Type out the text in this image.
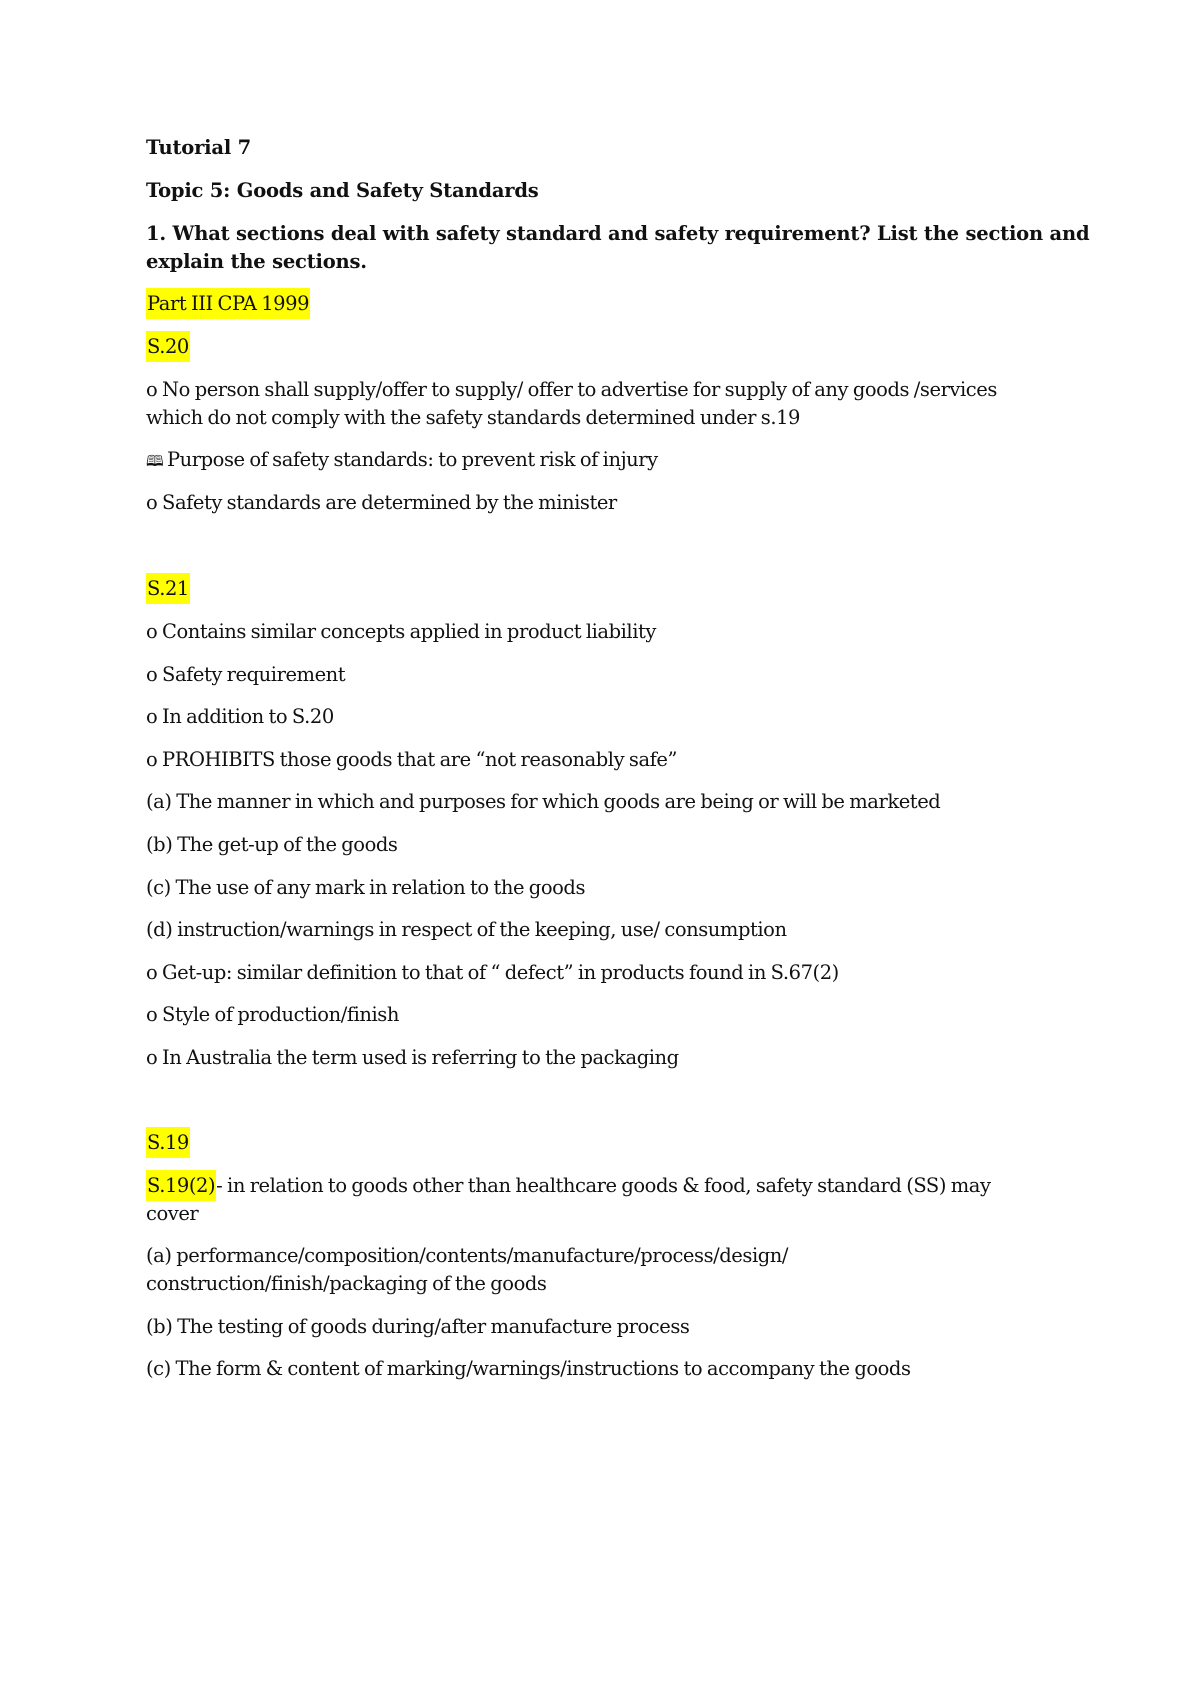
Tutorial 7
Topic 5: Goods and Safety Standards
1. What sections deal with safety standard and safety requirement? List the section and
explain the sections.
Part III CPA 1999
S.20
o No person shall supply/offer to supply/ offer to advertise for supply of any goods /services
which do not comply with the safety standards determined under s.19
🕮 Purpose of safety standards: to prevent risk of injury
o Safety standards are determined by the minister
S.21
o Contains similar concepts applied in product liability
o Safety requirement
o In addition to S.20
o PROHIBITS those goods that are “not reasonably safe”
(a) The manner in which and purposes for which goods are being or will be marketed
(b) The get-up of the goods
(c) The use of any mark in relation to the goods
(d) instruction/warnings in respect of the keeping, use/ consumption
o Get-up: similar definition to that of “ defect” in products found in S.67(2)
o Style of production/finish
o In Australia the term used is referring to the packaging
S.19
S.19(2)- in relation to goods other than healthcare goods & food, safety standard (SS) may
cover
(a) performance/composition/contents/manufacture/process/design/
construction/finish/packaging of the goods
(b) The testing of goods during/after manufacture process
(c) The form & content of marking/warnings/instructions to accompany the goods
